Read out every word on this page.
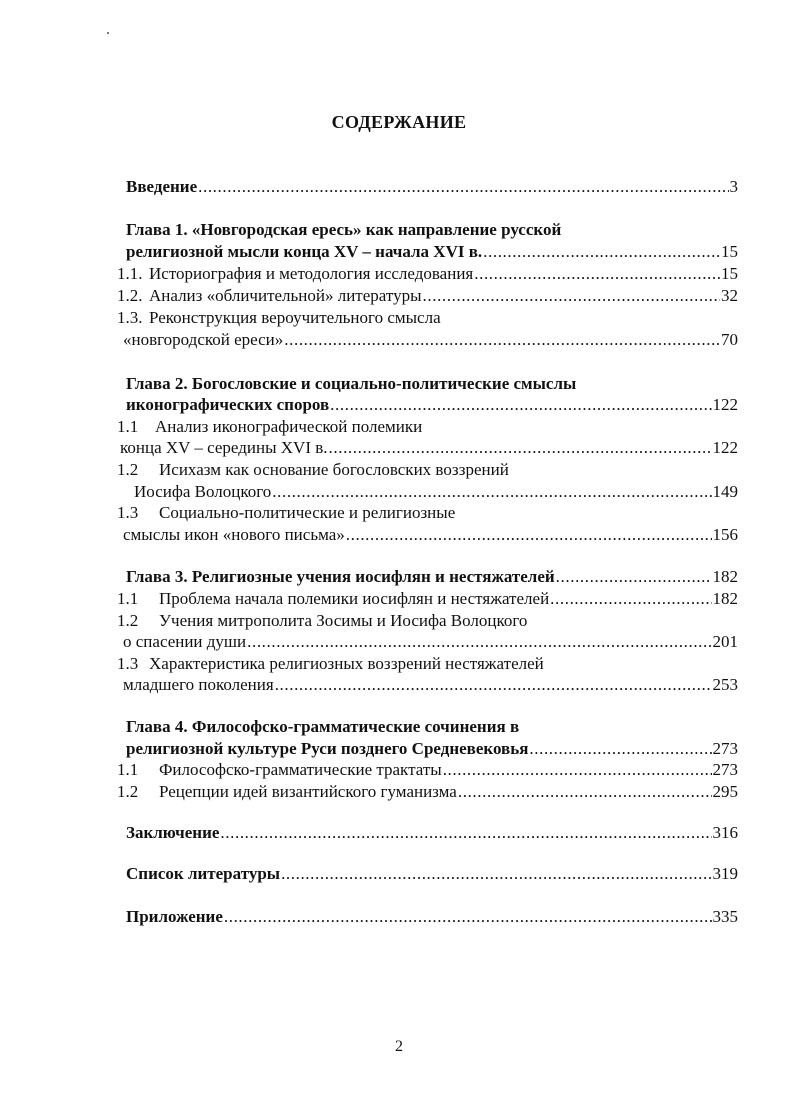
СОДЕРЖАНИЕ
Введение .....	3
Глава 1. «Новгородская ересь» как направление русской
религиозной мысли конца XV – начала XVI в. .....	15
1.1. Историография и методология исследования .....	15
1.2. Анализ «обличительной» литературы .....	32
1.3. Реконструкция вероучительного смысла
«новгородской ереси» .....	70
Глава 2. Богословские и социально-политические смыслы
иконографических споров .....	122
1.1 Анализ иконографической полемики
конца XV – середины XVI в. .....	122
1.2 Исихазм как основание богословских воззрений
Иосифа Волоцкого .....	149
1.3 Социально-политические и религиозные
смыслы икон «нового письма» .....	156
Глава 3. Религиозные учения иосифлян и нестяжателей .....	182
1.1 Проблема начала полемики иосифлян и нестяжателей .....	182
1.2 Учения митрополита Зосимы и Иосифа Волоцкого
о спасении души .....	201
1.3 Характеристика религиозных воззрений нестяжателей
младшего поколения .....	253
Глава 4. Философско-грамматические сочинения в
религиозной культуре Руси позднего Средневековья .....	273
1.1 Философско-грамматические трактаты .....	273
1.2 Рецепции идей византийского гуманизма .....	295
Заключение .....	316
Список литературы .....	319
Приложение .....	335
2
